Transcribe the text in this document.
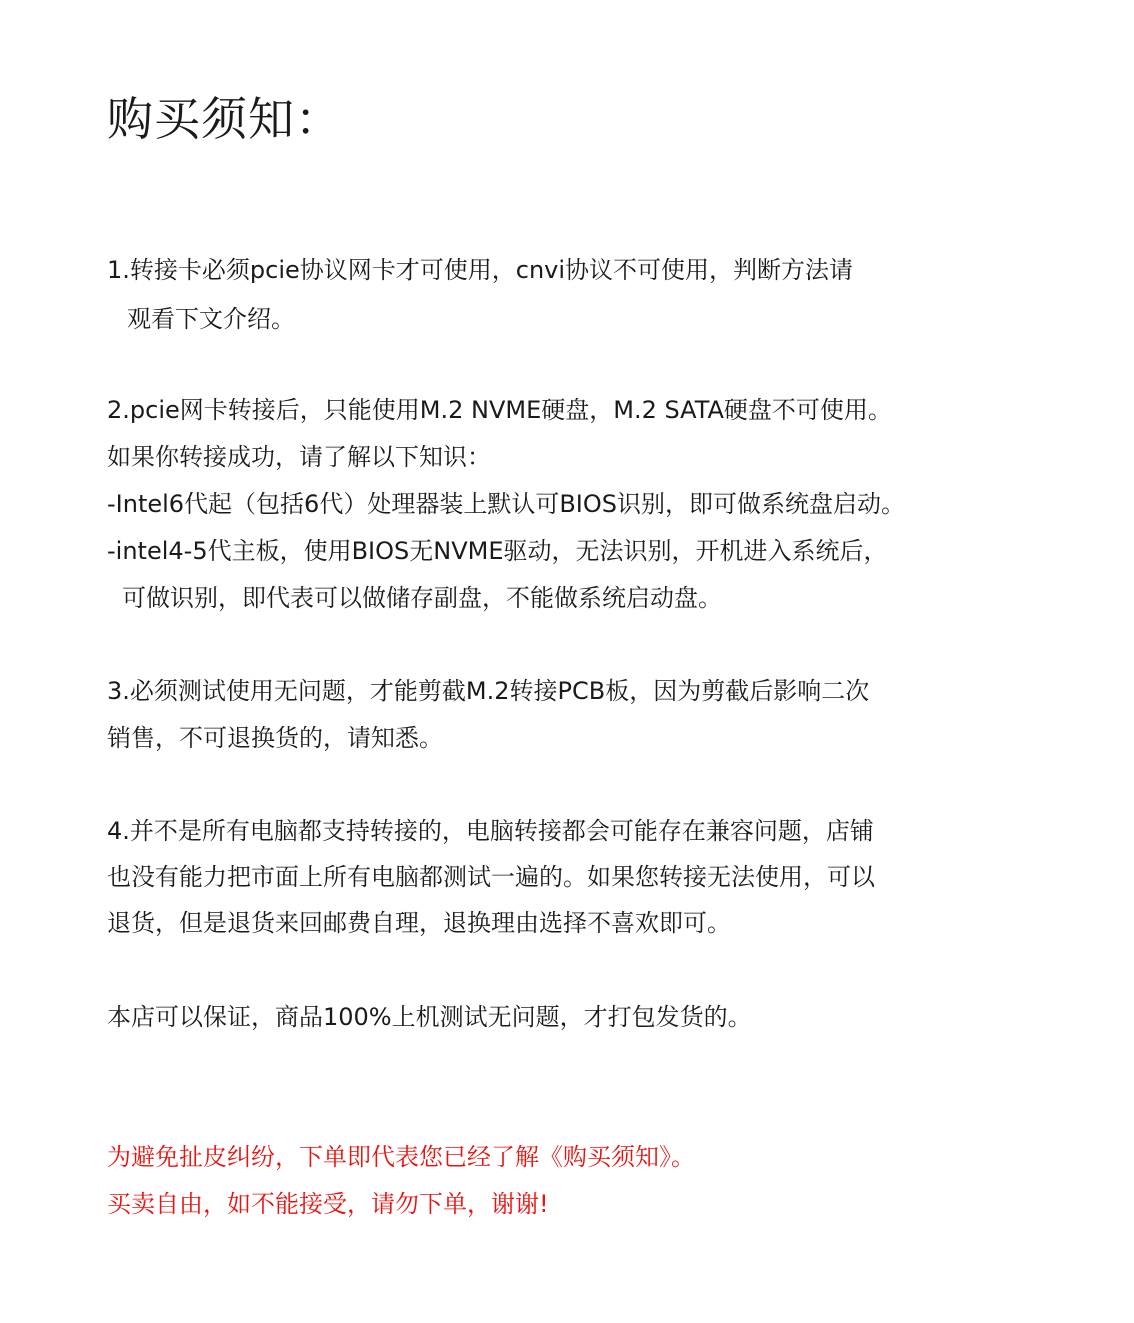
购买须知：

1.转接卡必须pcie协议网卡才可使用，cnvi协议不可使用，判断方法请

观看下文介绍。

2.pcie网卡转接后，只能使用M.2 NVME硬盘，M.2 SATA硬盘不可使用。

如果你转接成功，请了解以下知识：

-Intel6代起（包括6代）处理器装上默认可BIOS识别，即可做系统盘启动。

-intel4-5代主板，使用BIOS无NVME驱动，无法识别，开机进入系统后，

可做识别，即代表可以做储存副盘，不能做系统启动盘。

3.必须测试使用无问题，才能剪截M.2转接PCB板，因为剪截后影响二次

销售，不可退换货的，请知悉。

4.并不是所有电脑都支持转接的，电脑转接都会可能存在兼容问题，店铺

也没有能力把市面上所有电脑都测试一遍的。如果您转接无法使用，可以

退货，但是退货来回邮费自理，退换理由选择不喜欢即可。

本店可以保证，商品100%上机测试无问题，才打包发货的。

为避免扯皮纠纷，下单即代表您已经了解《购买须知》。

买卖自由，如不能接受，请勿下单，谢谢!
